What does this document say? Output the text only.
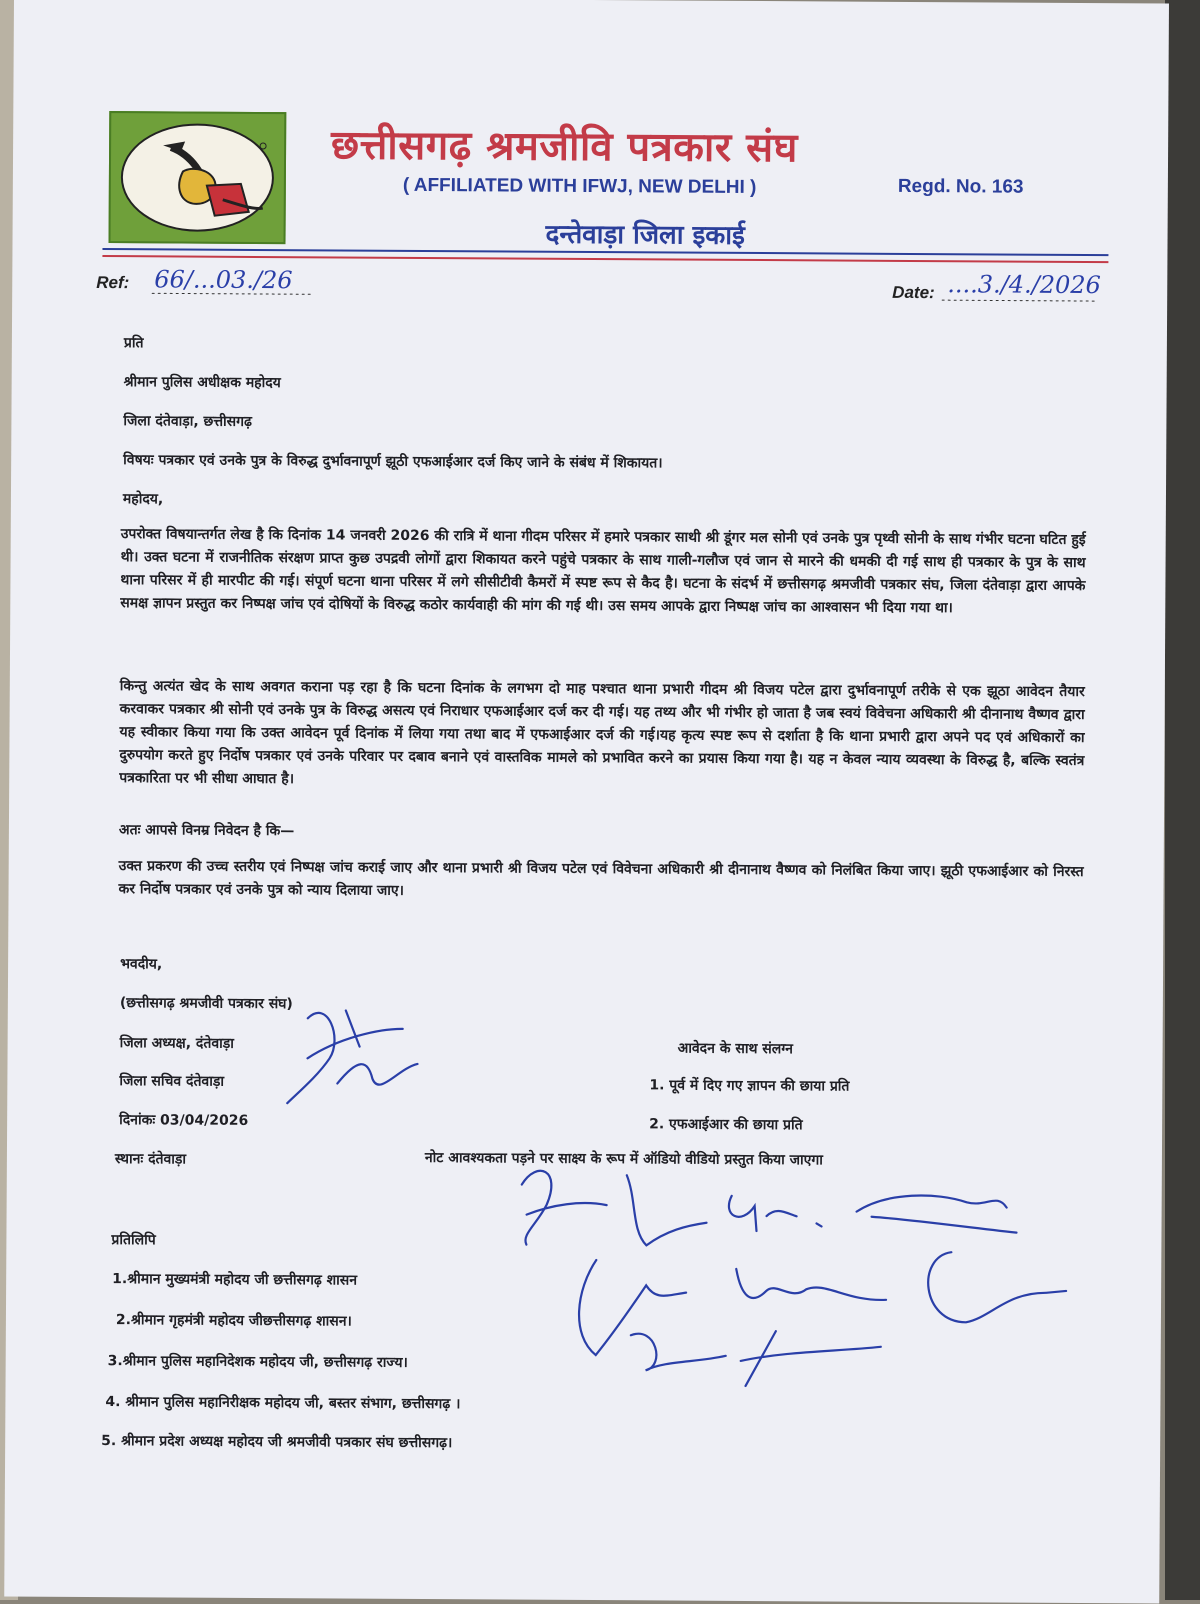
छत्तीसगढ़ श्रमजीवि पत्रकार संघ
( AFFILIATED WITH IFWJ, NEW DELHI )	Regd. No. 163
दन्तेवाड़ा जिला इकाई
Ref: 66/...03./26	Date: ....3./4./2026
प्रति
श्रीमान पुलिस अधीक्षक महोदय
जिला दंतेवाड़ा, छत्तीसगढ़
विषयः पत्रकार एवं उनके पुत्र के विरुद्ध दुर्भावनापूर्ण झूठी एफआईआर दर्ज किए जाने के संबंध में शिकायत।
महोदय,
उपरोक्त विषयान्तर्गत लेख है कि दिनांक 14 जनवरी 2026 की रात्रि में थाना गीदम परिसर में हमारे पत्रकार साथी श्री डूंगर मल सोनी एवं उनके पुत्र पृथ्वी सोनी के साथ गंभीर घटना घटित हुई थी। उक्त घटना में राजनीतिक संरक्षण प्राप्त कुछ उपद्रवी लोगों द्वारा शिकायत करने पहुंचे पत्रकार के साथ गाली-गलौज एवं जान से मारने की धमकी दी गई साथ ही पत्रकार के पुत्र के साथ थाना परिसर में ही मारपीट की गई। संपूर्ण घटना थाना परिसर में लगे सीसीटीवी कैमरों में स्पष्ट रूप से कैद है। घटना के संदर्भ में छत्तीसगढ़ श्रमजीवी पत्रकार संघ, जिला दंतेवाड़ा द्वारा आपके समक्ष ज्ञापन प्रस्तुत कर निष्पक्ष जांच एवं दोषियों के विरुद्ध कठोर कार्यवाही की मांग की गई थी। उस समय आपके द्वारा निष्पक्ष जांच का आश्वासन भी दिया गया था।
किन्तु अत्यंत खेद के साथ अवगत कराना पड़ रहा है कि घटना दिनांक के लगभग दो माह पश्चात थाना प्रभारी गीदम श्री विजय पटेल द्वारा दुर्भावनापूर्ण तरीके से एक झूठा आवेदन तैयार करवाकर पत्रकार श्री सोनी एवं उनके पुत्र के विरुद्ध असत्य एवं निराधार एफआईआर दर्ज कर दी गई। यह तथ्य और भी गंभीर हो जाता है जब स्वयं विवेचना अधिकारी श्री दीनानाथ वैष्णव द्वारा यह स्वीकार किया गया कि उक्त आवेदन पूर्व दिनांक में लिया गया तथा बाद में एफआईआर दर्ज की गई।यह कृत्य स्पष्ट रूप से दर्शाता है कि थाना प्रभारी द्वारा अपने पद एवं अधिकारों का दुरुपयोग करते हुए निर्दोष पत्रकार एवं उनके परिवार पर दबाव बनाने एवं वास्तविक मामले को प्रभावित करने का प्रयास किया गया है। यह न केवल न्याय व्यवस्था के विरुद्ध है, बल्कि स्वतंत्र पत्रकारिता पर भी सीधा आघात है।
अतः आपसे विनम्र निवेदन है कि—
उक्त प्रकरण की उच्च स्तरीय एवं निष्पक्ष जांच कराई जाए और थाना प्रभारी श्री विजय पटेल एवं विवेचना अधिकारी श्री दीनानाथ वैष्णव को निलंबित किया जाए। झूठी एफआईआर को निरस्त कर निर्दोष पत्रकार एवं उनके पुत्र को न्याय दिलाया जाए।
भवदीय,
(छत्तीसगढ़ श्रमजीवी पत्रकार संघ)
जिला अध्यक्ष, दंतेवाड़ा
जिला सचिव दंतेवाड़ा
दिनांकः 03/04/2026
स्थानः दंतेवाड़ा
आवेदन के साथ संलग्न
1. पूर्व में दिए गए ज्ञापन की छाया प्रति
2. एफआईआर की छाया प्रति
नोट आवश्यकता पड़ने पर साक्ष्य के रूप में ऑडियो वीडियो प्रस्तुत किया जाएगा
प्रतिलिपि
1.श्रीमान मुख्यमंत्री महोदय जी छत्तीसगढ़ शासन
2.श्रीमान गृहमंत्री महोदय जीछत्तीसगढ़ शासन।
3.श्रीमान पुलिस महानिदेशक महोदय जी, छत्तीसगढ़ राज्य।
4. श्रीमान पुलिस महानिरीक्षक महोदय जी, बस्तर संभाग, छत्तीसगढ़ ।
5. श्रीमान प्रदेश अध्यक्ष महोदय जी श्रमजीवी पत्रकार संघ छत्तीसगढ़।
